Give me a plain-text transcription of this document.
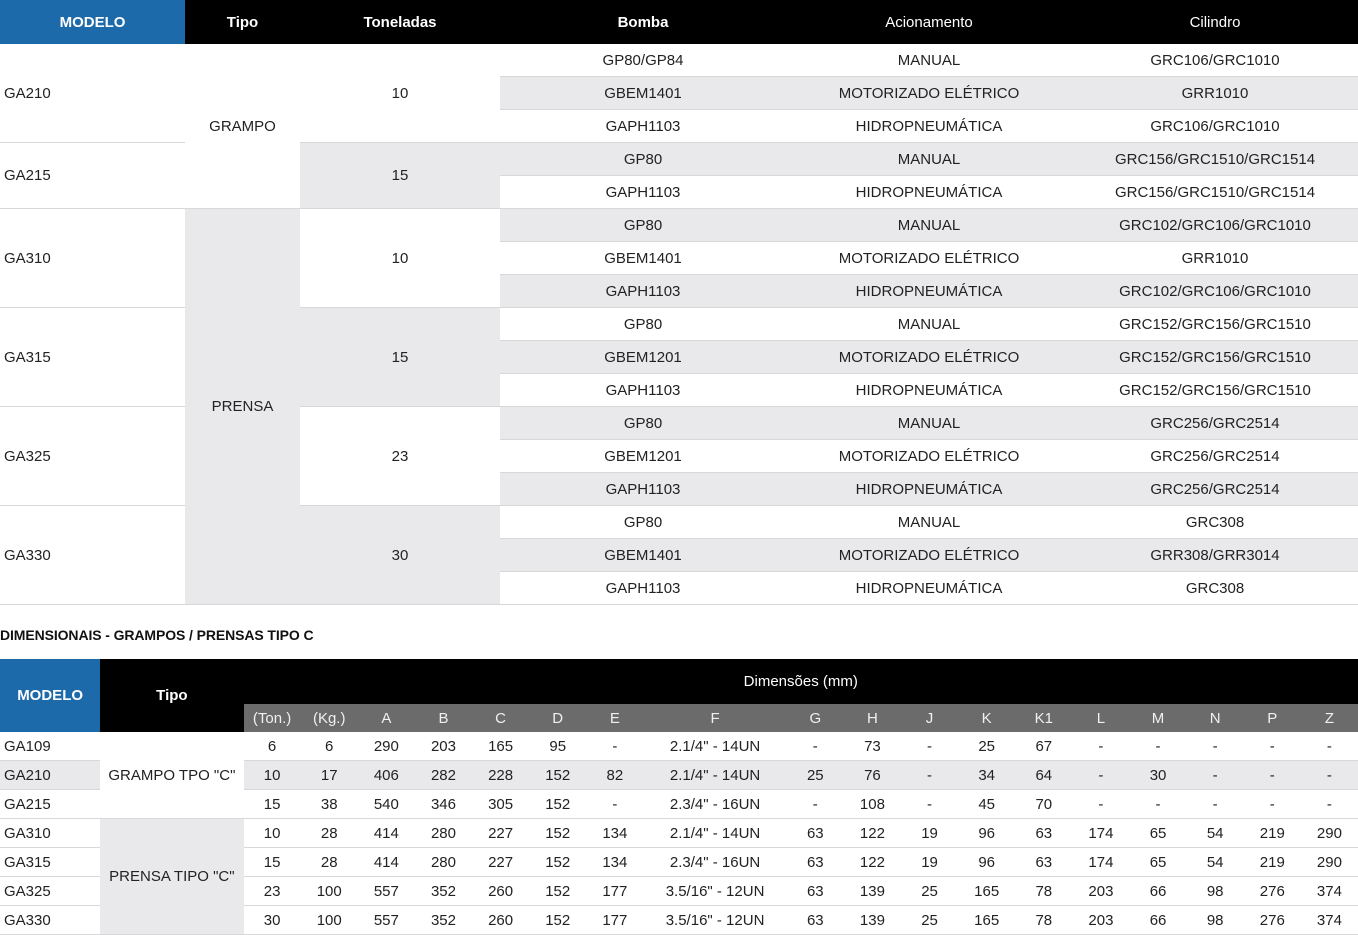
MODELO	Tipo	Toneladas	Bomba	Acionamento	Cilindro
GA210	GRAMPO	10	GP80/GP84	MANUAL	GRC106/GRC1010
			GBEM1401	MOTORIZADO ELÉTRICO	GRR1010
			GAPH1103	HIDROPNEUMÁTICA	GRC106/GRC1010
GA215		15	GP80	MANUAL	GRC156/GRC1510/GRC1514
			GAPH1103	HIDROPNEUMÁTICA	GRC156/GRC1510/GRC1514
GA310	PRENSA	10	GP80	MANUAL	GRC102/GRC106/GRC1010
			GBEM1401	MOTORIZADO ELÉTRICO	GRR1010
			GAPH1103	HIDROPNEUMÁTICA	GRC102/GRC106/GRC1010
GA315		15	GP80	MANUAL	GRC152/GRC156/GRC1510
			GBEM1201	MOTORIZADO ELÉTRICO	GRC152/GRC156/GRC1510
			GAPH1103	HIDROPNEUMÁTICA	GRC152/GRC156/GRC1510
GA325		23	GP80	MANUAL	GRC256/GRC2514
			GBEM1201	MOTORIZADO ELÉTRICO	GRC256/GRC2514
			GAPH1103	HIDROPNEUMÁTICA	GRC256/GRC2514
GA330		30	GP80	MANUAL	GRC308
			GBEM1401	MOTORIZADO ELÉTRICO	GRR308/GRR3014
			GAPH1103	HIDROPNEUMÁTICA	GRC308
DIMENSIONAIS - GRAMPOS / PRENSAS TIPO C
MODELO	Tipo	Dimensões (mm)																	
		(Ton.)	(Kg.)	A	B	C	D	E	F	G	H	J	K	K1	L	M	N	P	Z
GA109	GRAMPO TPO "C"	6	6	290	203	165	95	-	2.1/4" - 14UN	-	73	-	25	67	-	-	-	-	-
GA210		10	17	406	282	228	152	82	2.1/4" - 14UN	25	76	-	34	64	-	30	-	-	-
GA215		15	38	540	346	305	152	-	2.3/4" - 16UN	-	108	-	45	70	-	-	-	-	-
GA310	PRENSA TIPO "C"	10	28	414	280	227	152	134	2.1/4" - 14UN	63	122	19	96	63	174	65	54	219	290
GA315		15	28	414	280	227	152	134	2.3/4" - 16UN	63	122	19	96	63	174	65	54	219	290
GA325		23	100	557	352	260	152	177	3.5/16" - 12UN	63	139	25	165	78	203	66	98	276	374
GA330		30	100	557	352	260	152	177	3.5/16" - 12UN	63	139	25	165	78	203	66	98	276	374
